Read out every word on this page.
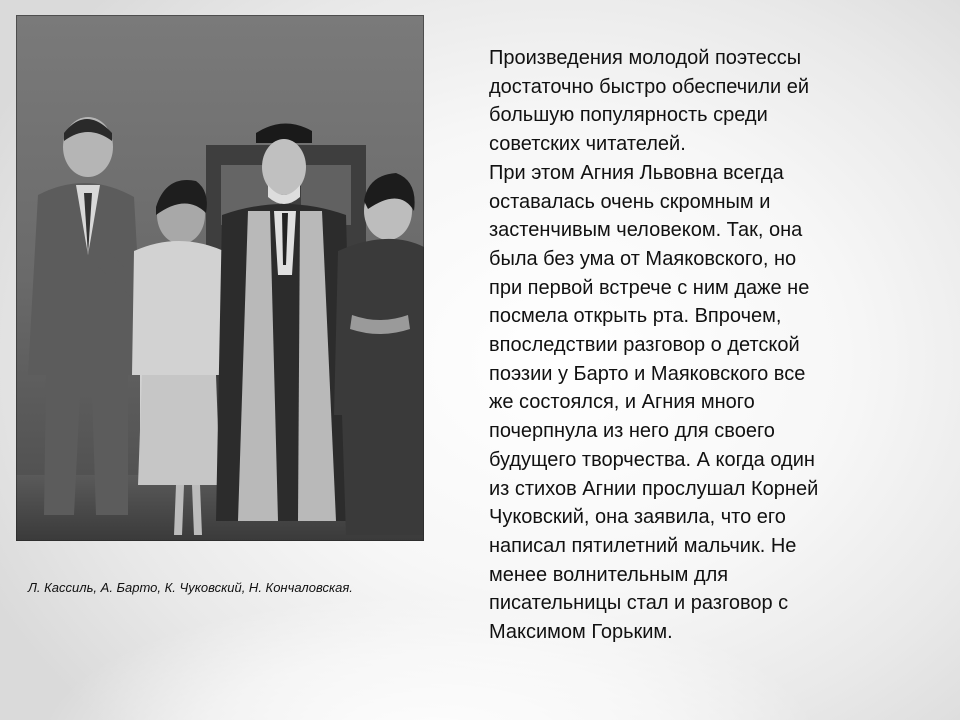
Л. Кассиль, А. Барто, К. Чуковский, Н. Кончаловская.

Произведения молодой поэтессы
достаточно быстро обеспечили ей
большую популярность среди
советских читателей.

При этом Агния Львовна всегда
оставалась очень скромным и
застенчивым человеком. Так, она
была без ума от Маяковского, но
при первой встрече с ним даже не
посмела открыть рта. Впрочем,
впоследствии разговор о детской
поэзии у Барто и Маяковского все
же состоялся, и Агния много
почерпнула из него для своего
будущего творчества. А когда один
из стихов Агнии прослушал Корней
Чуковский, она заявила, что его
написал пятилетний мальчик. Не
менее волнительным для
писательницы стал и разговор с
Максимом Горьким.
